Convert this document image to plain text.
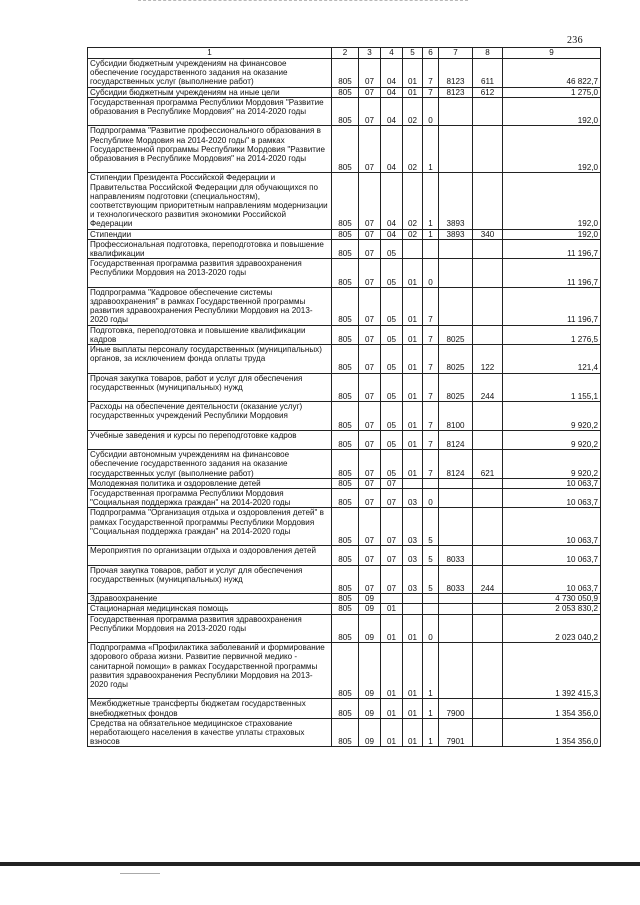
236
1	2	3	4	5	6	7	8	9
Субсидии бюджетным учреждениям на финансовое обеспечение государственного задания на оказание государственных услуг (выполнение работ)	805	07	04	01	7	8123	611	46 822,7
Субсидии бюджетным учреждениям на иные цели	805	07	04	01	7	8123	612	1 275,0
Государственная программа Республики Мордовия "Развитие образования в Республике Мордовия" на 2014-2020 годы	805	07	04	02	0			192,0
Подпрограмма "Развитие профессионального образования в Республике Мордовия на 2014-2020 годы" в рамках Государственной программы Республики Мордовия "Развитие образования в Республике Мордовия" на 2014-2020 годы	805	07	04	02	1			192,0
Стипендии Президента Российской Федерации и Правительства Российской Федерации для обучающихся по направлениям подготовки (специальностям), соответствующим приоритетным направлениям модернизации и технологического развития экономики Российской Федерации	805	07	04	02	1	3893		192,0
Стипендии	805	07	04	02	1	3893	340	192,0
Профессиональная подготовка, переподготовка и повышение квалификации	805	07	05					11 196,7
Государственная программа развития здравоохранения Республики Мордовия на 2013-2020 годы	805	07	05	01	0			11 196,7
Подпрограмма "Кадровое обеспечение системы здравоохранения" в рамках Государственной программы развития здравоохранения Республики Мордовия на 2013-2020 годы	805	07	05	01	7			11 196,7
Подготовка, переподготовка и повышение квалификации кадров	805	07	05	01	7	8025		1 276,5
Иные выплаты персоналу государственных (муниципальных) органов, за исключением фонда оплаты труда	805	07	05	01	7	8025	122	121,4
Прочая закупка товаров, работ и услуг для обеспечения государственных (муниципальных) нужд	805	07	05	01	7	8025	244	1 155,1
Расходы на обеспечение деятельности (оказание услуг) государственных учреждений Республики Мордовия	805	07	05	01	7	8100		9 920,2
Учебные заведения и курсы по переподготовке кадров	805	07	05	01	7	8124		9 920,2
Субсидии автономным учреждениям на финансовое обеспечение государственного задания на оказание государственных услуг (выполнение работ)	805	07	05	01	7	8124	621	9 920,2
Молодежная политика и оздоровление детей	805	07	07					10 063,7
Государственная программа Республики Мордовия "Социальная поддержка граждан" на 2014-2020 годы	805	07	07	03	0			10 063,7
Подпрограмма "Организация отдыха и оздоровления детей" в рамках Государственной программы Республики Мордовия "Социальная поддержка граждан" на 2014-2020 годы	805	07	07	03	5			10 063,7
Мероприятия по организации отдыха и оздоровления детей	805	07	07	03	5	8033		10 063,7
Прочая закупка товаров, работ и услуг для обеспечения государственных (муниципальных) нужд	805	07	07	03	5	8033	244	10 063,7
Здравоохранение	805	09						4 730 050,9
Стационарная медицинская помощь	805	09	01					2 053 830,2
Государственная программа развития здравоохранения Республики Мордовия на 2013-2020 годы	805	09	01	01	0			2 023 040,2
Подпрограмма «Профилактика заболеваний и формирование здорового образа жизни. Развитие первичной медико - санитарной помощи» в рамках Государственной программы развития здравоохранения Республики Мордовия на 2013-2020 годы	805	09	01	01	1			1 392 415,3
Межбюджетные трансферты бюджетам государственных внебюджетных фондов	805	09	01	01	1	7900		1 354 356,0
Средства на обязательное медицинское страхование неработающего населения в качестве уплаты страховых взносов	805	09	01	01	1	7901		1 354 356,0
